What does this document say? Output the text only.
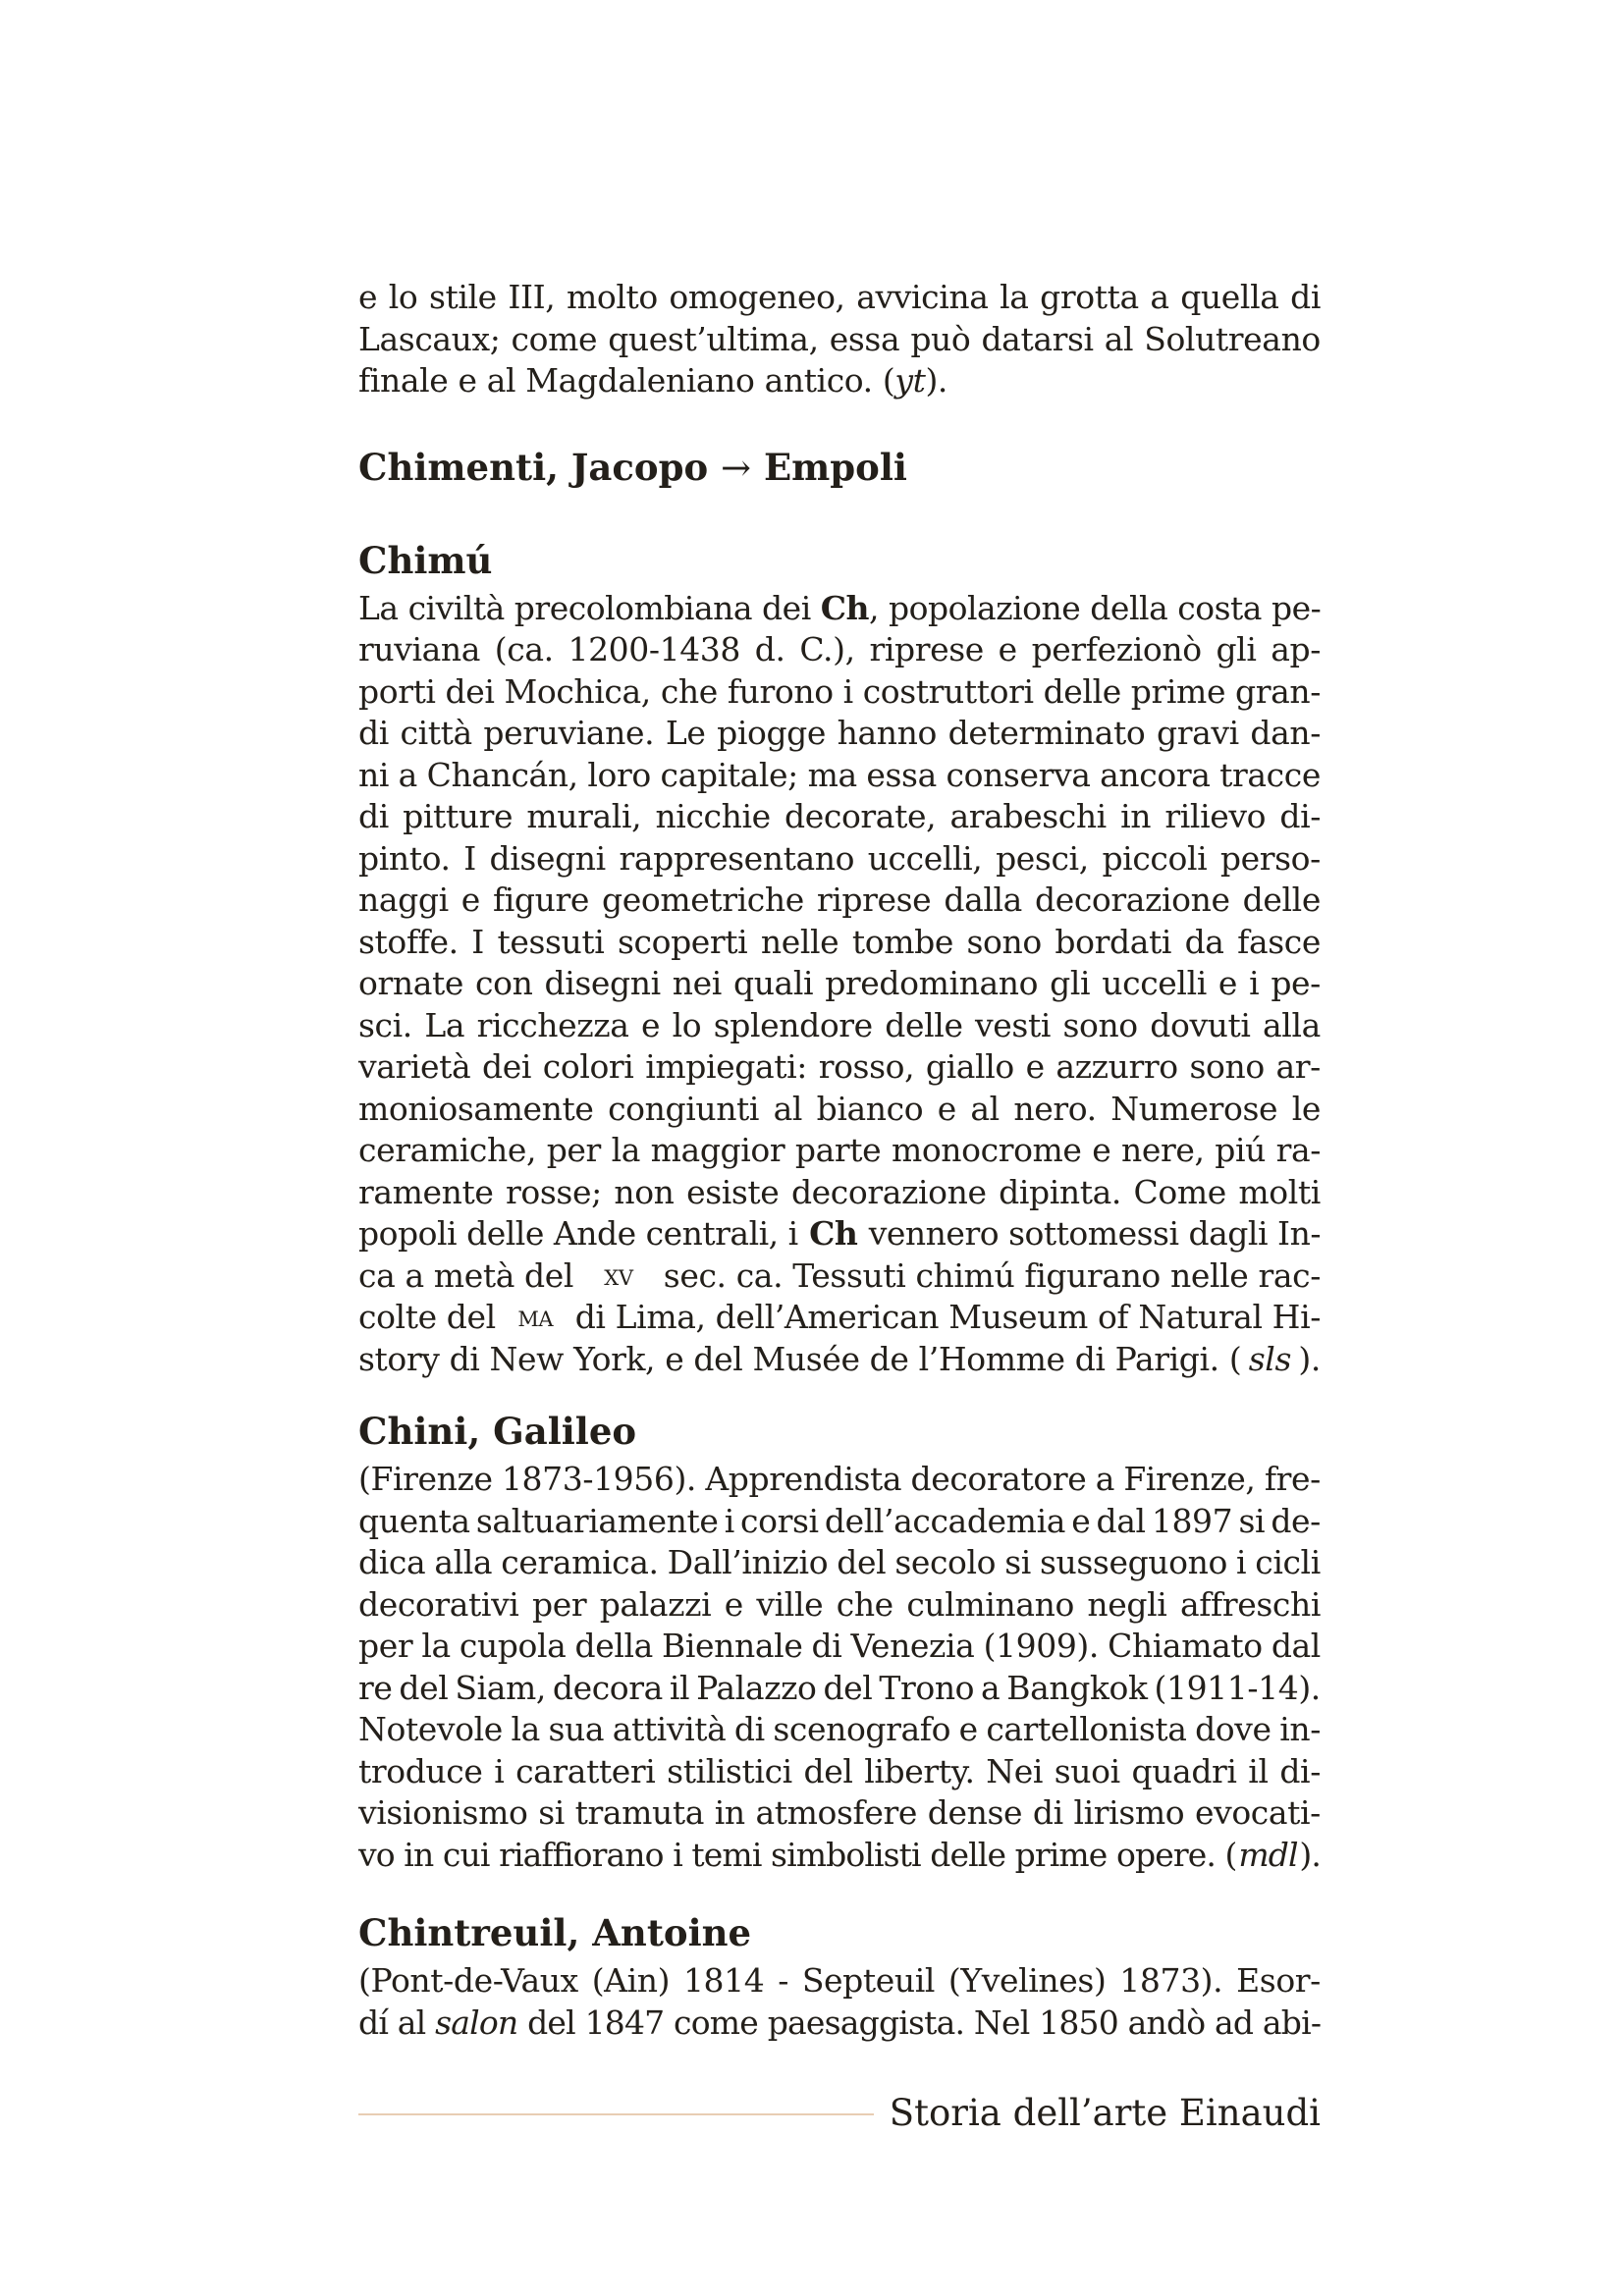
e lo stile III, molto omogeneo, avvicina la grotta a quella di
Lascaux; come quest’ultima, essa può datarsi al Solutreano
finale e al Magdaleniano antico. ( yt ).
Chimenti, Jacopo → Empoli
Chimú
La civiltà precolombiana dei Ch , popolazione della costa pe-
ruviana (ca. 1200-1438 d. C.), riprese e perfezionò gli ap-
porti dei Mochica, che furono i costruttori delle prime gran-
di città peruviane. Le piogge hanno determinato gravi dan-
ni a Chancán, loro capitale; ma essa conserva ancora tracce
di pitture murali, nicchie decorate, arabeschi in rilievo di-
pinto. I disegni rappresentano uccelli, pesci, piccoli perso-
naggi e figure geometriche riprese dalla decorazione delle
stoffe. I tessuti scoperti nelle tombe sono bordati da fasce
ornate con disegni nei quali predominano gli uccelli e i pe-
sci. La ricchezza e lo splendore delle vesti sono dovuti alla
varietà dei colori impiegati: rosso, giallo e azzurro sono ar-
moniosamente congiunti al bianco e al nero. Numerose le
ceramiche, per la maggior parte monocrome e nere, piú ra-
ramente rosse; non esiste decorazione dipinta. Come molti
popoli delle Ande centrali, i Ch vennero sottomessi dagli In-
ca a metà del xv sec. ca. Tessuti chimú figurano nelle rac-
colte del ma di Lima, dell’American Museum of Natural Hi-
story di New York, e del Musée de l’Homme di Parigi. ( sls ).
Chini, Galileo
(Firenze 1873-1956). Apprendista decoratore a Firenze, fre-
quenta saltuariamente i corsi dell’accademia e dal 1897 si de-
dica alla ceramica. Dall’inizio del secolo si susseguono i cicli
decorativi per palazzi e ville che culminano negli affreschi
per la cupola della Biennale di Venezia (1909). Chiamato dal
re del Siam, decora il Palazzo del Trono a Bangkok (1911-14).
Notevole la sua attività di scenografo e cartellonista dove in-
troduce i caratteri stilistici del liberty. Nei suoi quadri il di-
visionismo si tramuta in atmosfere dense di lirismo evocati-
vo in cui riaffiorano i temi simbolisti delle prime opere. ( mdl ).
Chintreuil, Antoine
(Pont-de-Vaux (Ain) 1814 - Septeuil (Yvelines) 1873). Esor-
dí al salon del 1847 come paesaggista. Nel 1850 andò ad abi-
Storia dell’arte Einaudi
